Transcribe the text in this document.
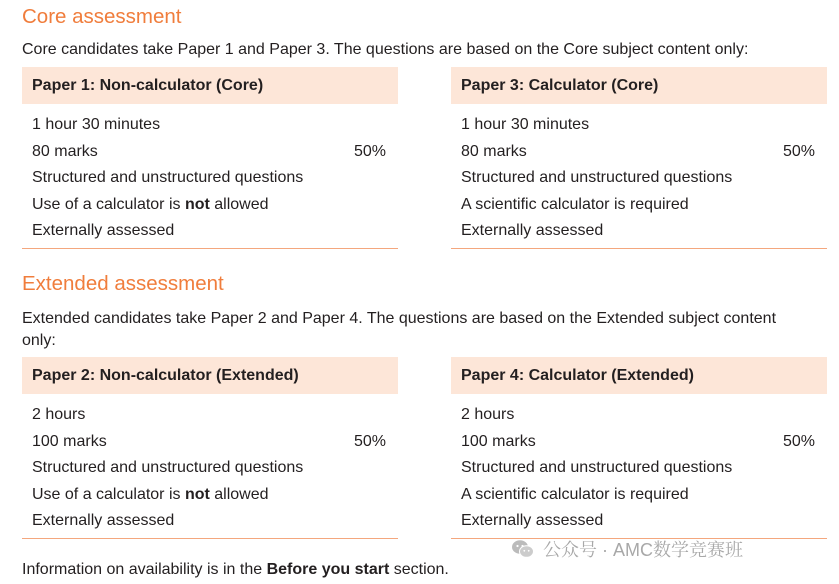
Core assessment

Core candidates take Paper 1 and Paper 3. The questions are based on the Core subject content only:

Paper 1: Non-calculator (Core)
1 hour 30 minutes
80 marks	50%
Structured and unstructured questions
Use of a calculator is not allowed
Externally assessed
Paper 3: Calculator (Core)
1 hour 30 minutes
80 marks	50%
Structured and unstructured questions
A scientific calculator is required
Externally assessed
Extended assessment

Extended candidates take Paper 2 and Paper 4. The questions are based on the Extended subject content only:

Paper 2: Non-calculator (Extended)
2 hours
100 marks	50%
Structured and unstructured questions
Use of a calculator is not allowed
Externally assessed
Paper 4: Calculator (Extended)
2 hours
100 marks	50%
Structured and unstructured questions
A scientific calculator is required
Externally assessed

Information on availability is in the Before you start section.

公众号 · AMC数学竞赛班
